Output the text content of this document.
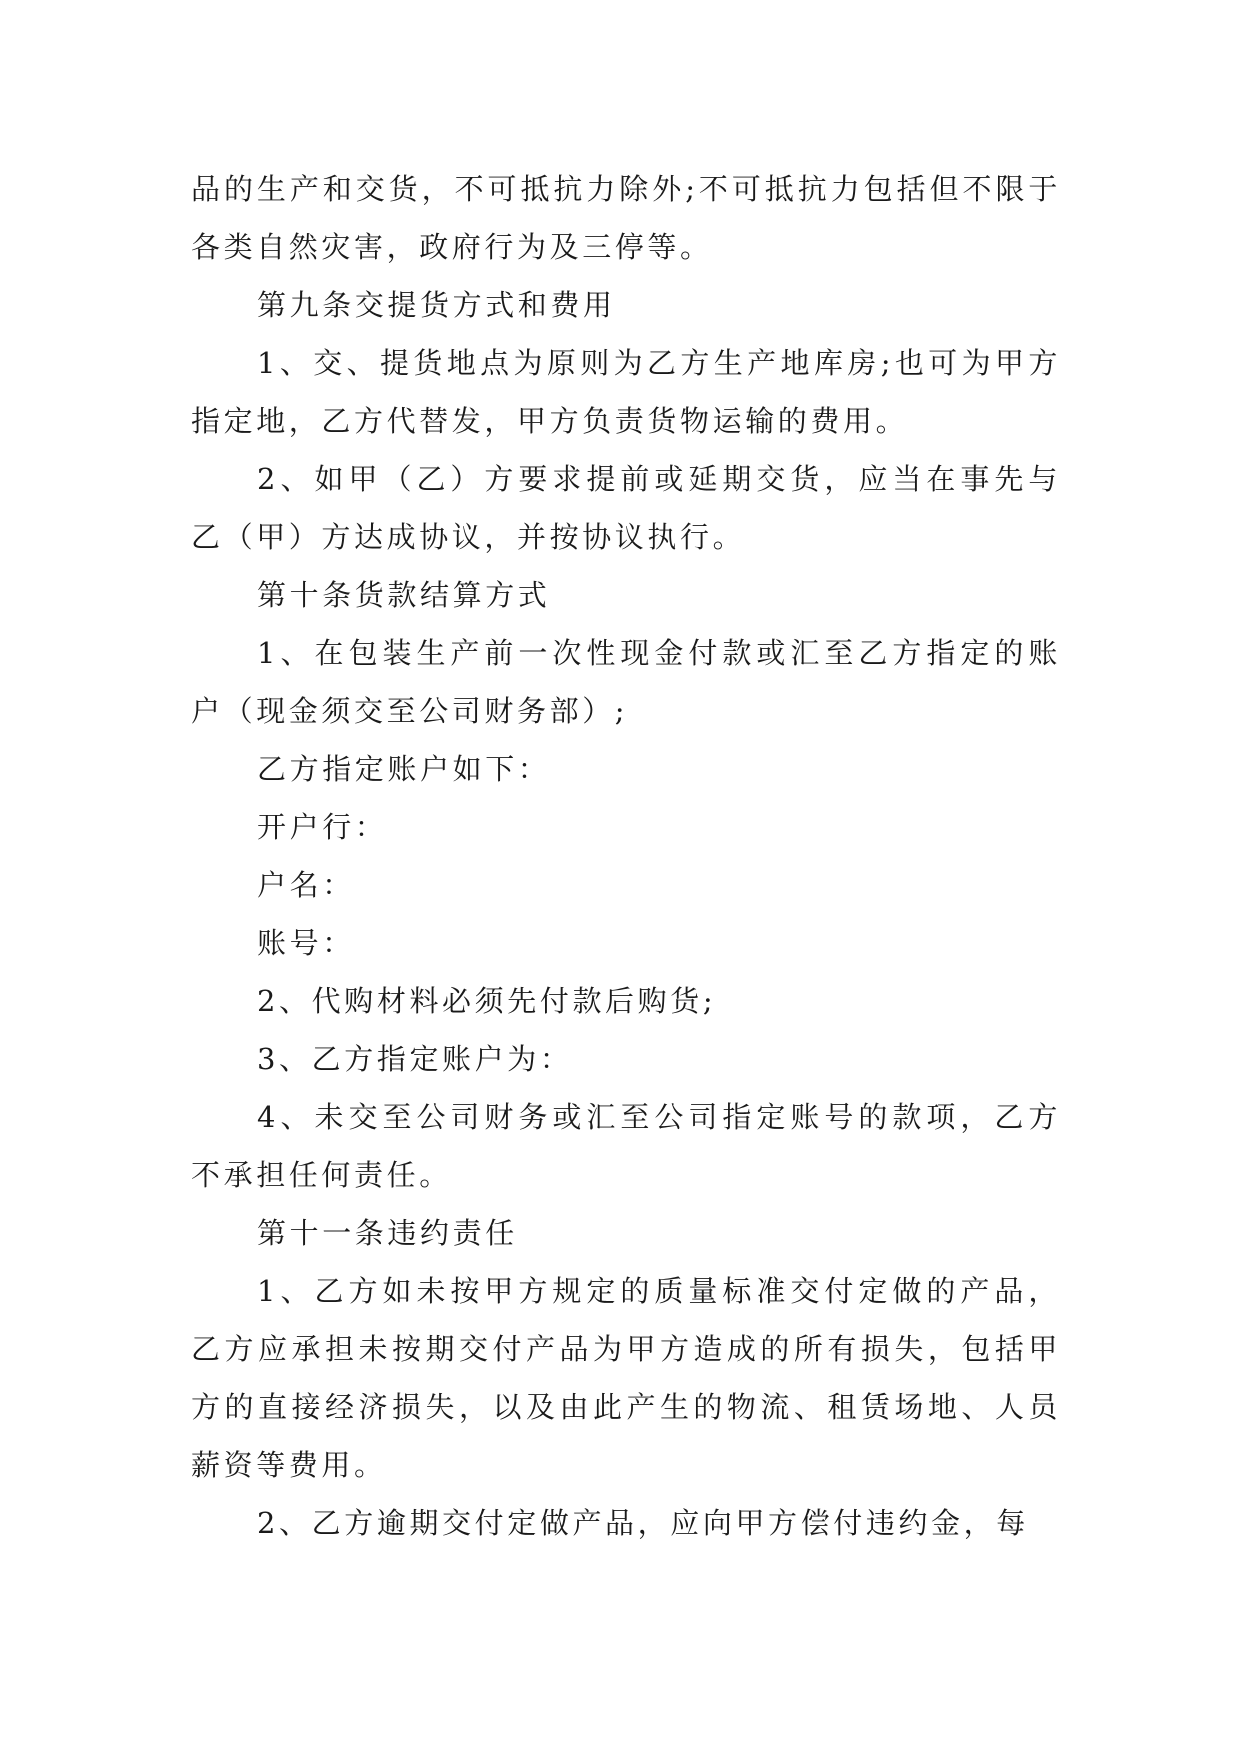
品的生产和交货，不可抵抗力除外;不可抵抗力包括但不限于各类自然灾害，政府行为及三停等。

第九条交提货方式和费用

1、交、提货地点为原则为乙方生产地库房;也可为甲方指定地，乙方代替发，甲方负责货物运输的费用。

2、如甲（乙）方要求提前或延期交货，应当在事先与乙（甲）方达成协议，并按协议执行。

第十条货款结算方式

1、在包装生产前一次性现金付款或汇至乙方指定的账户（现金须交至公司财务部）;

乙方指定账户如下：

开户行：

户名：

账号：

2、代购材料必须先付款后购货;

3、乙方指定账户为：

4、未交至公司财务或汇至公司指定账号的款项，乙方不承担任何责任。

第十一条违约责任

1、乙方如未按甲方规定的质量标准交付定做的产品，乙方应承担未按期交付产品为甲方造成的所有损失，包括甲方的直接经济损失，以及由此产生的物流、租赁场地、人员薪资等费用。

2、乙方逾期交付定做产品，应向甲方偿付违约金，每
